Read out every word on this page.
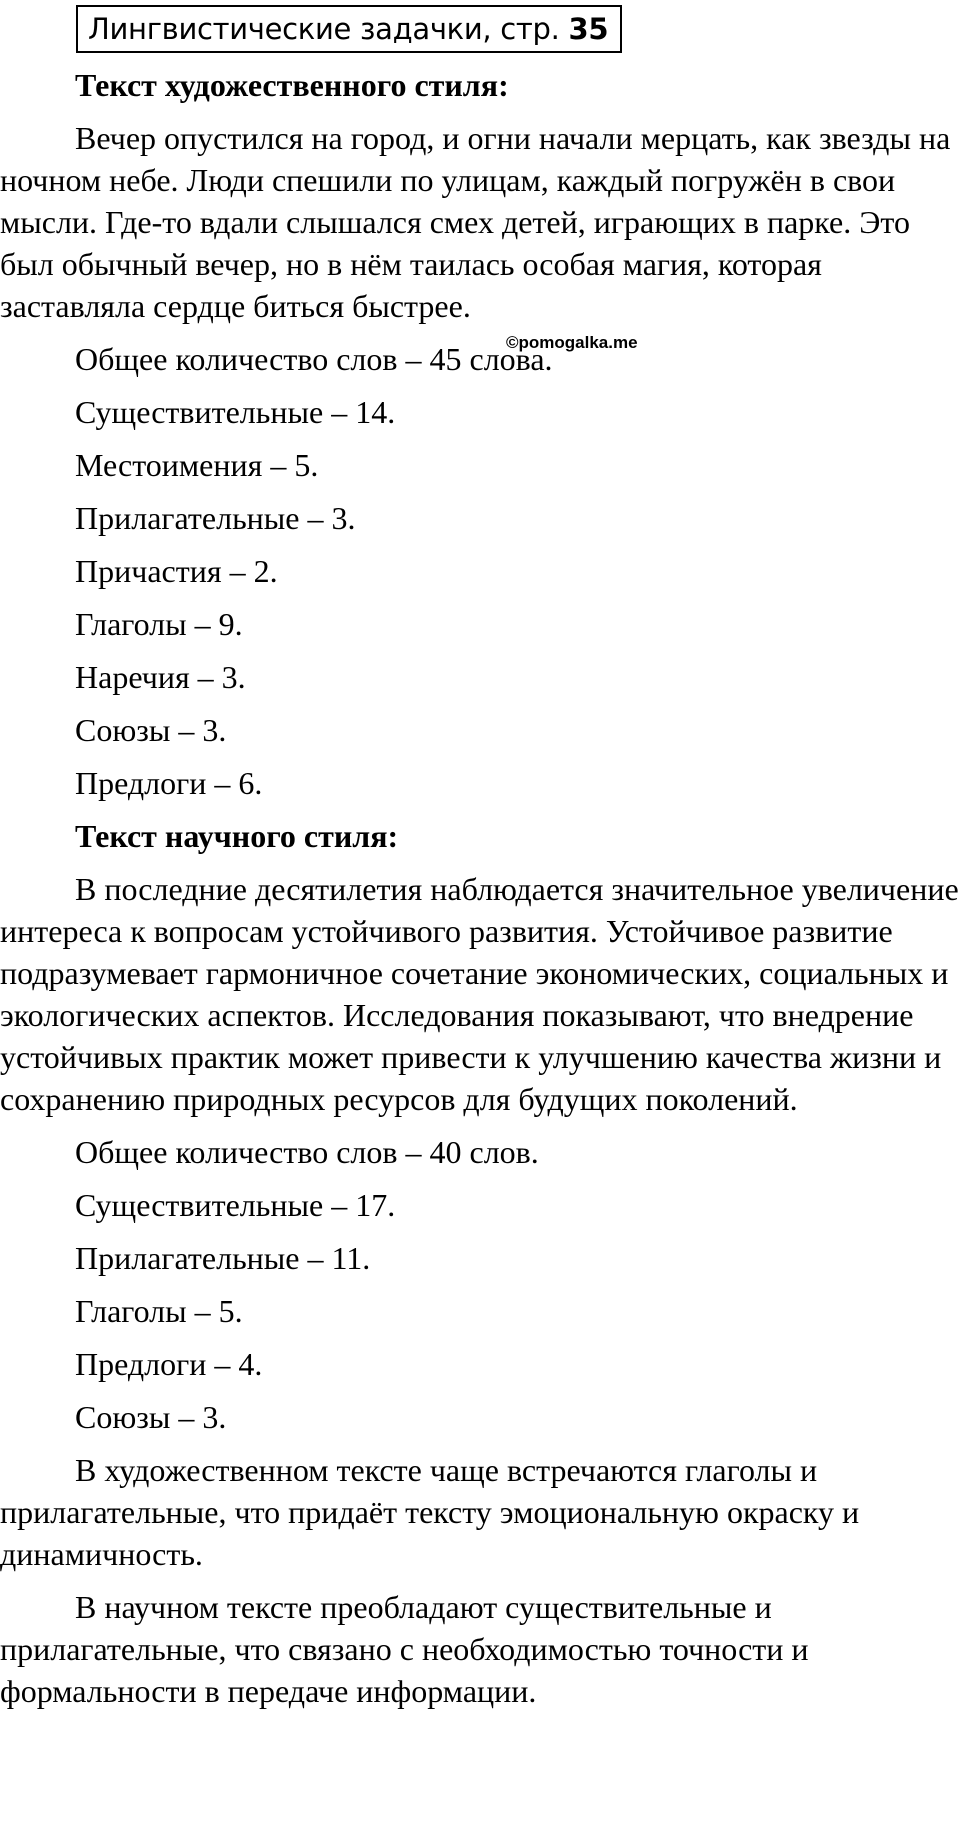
Лингвистические задачки, стр. 35
©pomogalka.me
Текст художественного стиля:
Вечер опустился на город, и огни начали мерцать, как звезды на ночном небе. Люди спешили по улицам, каждый погружён в свои мысли. Где-то вдали слышался смех детей, играющих в парке. Это был обычный вечер, но в нём таилась особая магия, которая заставляла сердце биться быстрее.
Общее количество слов – 45 слова.
Существительные – 14.
Местоимения – 5.
Прилагательные – 3.
Причастия – 2.
Глаголы – 9.
Наречия – 3.
Союзы – 3.
Предлоги – 6.
Текст научного стиля:
В последние десятилетия наблюдается значительное увеличение интереса к вопросам устойчивого развития. Устойчивое развитие подразумевает гармоничное сочетание экономических, социальных и экологических аспектов. Исследования показывают, что внедрение устойчивых практик может привести к улучшению качества жизни и сохранению природных ресурсов для будущих поколений.
Общее количество слов – 40 слов.
Существительные – 17.
Прилагательные – 11.
Глаголы – 5.
Предлоги – 4.
Союзы – 3.
В художественном тексте чаще встречаются глаголы и прилагательные, что придаёт тексту эмоциональную окраску и динамичность.
В научном тексте преобладают существительные и прилагательные, что связано с необходимостью точности и формальности в передаче информации.
